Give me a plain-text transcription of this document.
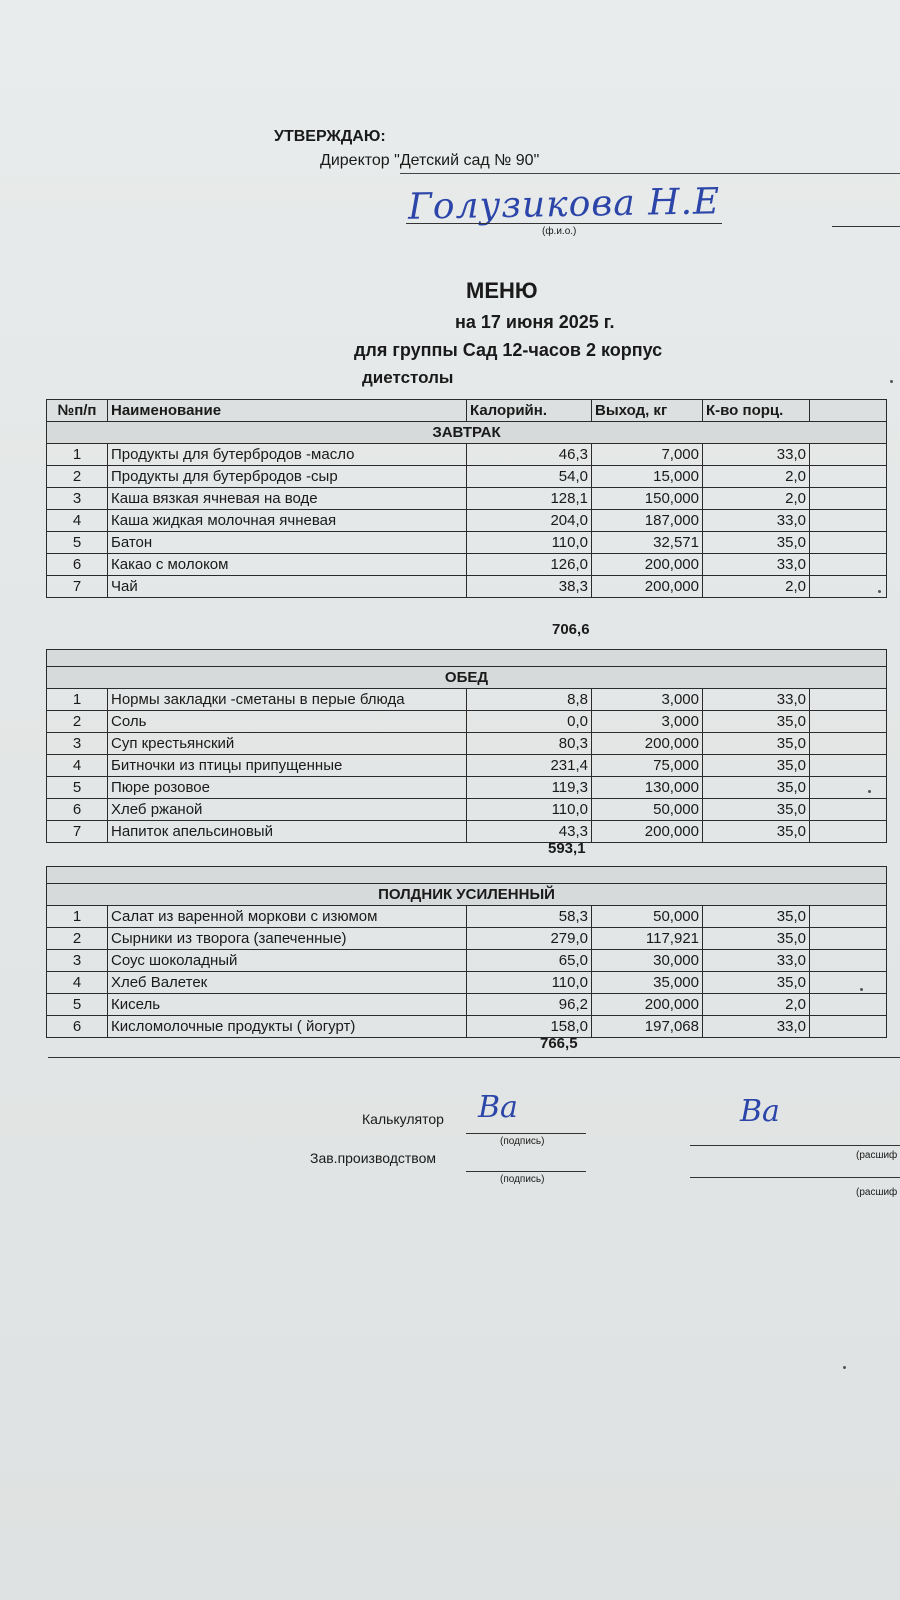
УТВЕРЖДАЮ:
Директор "Детский сад № 90"
Голузикова Н.Е
(ф.и.о.)
МЕНЮ
на 17 июня 2025 г.
для группы Сад 12-часов 2 корпус
диетстолы
№п/п	Наименование	Калорийн.	Выход, кг	К-во порц.	
ЗАВТРАК					
1	Продукты для бутербродов -масло	46,3	7,000	33,0	
2	Продукты для бутербродов -сыр	54,0	15,000	2,0	
3	Каша вязкая ячневая на воде	128,1	150,000	2,0	
4	Каша жидкая молочная ячневая	204,0	187,000	33,0	
5	Батон	110,0	32,571	35,0	
6	Какао с молоком	126,0	200,000	33,0	
7	Чай	38,3	200,000	2,0	
706,6

ОБЕД					
1	Нормы закладки -сметаны в перые блюда	8,8	3,000	33,0	
2	Соль	0,0	3,000	35,0	
3	Суп крестьянский	80,3	200,000	35,0	
4	Битночки из птицы припущенные	231,4	75,000	35,0	
5	Пюре розовое	119,3	130,000	35,0	
6	Хлеб ржаной	110,0	50,000	35,0	
7	Напиток апельсиновый	43,3	200,000	35,0	
593,1

ПОЛДНИК УСИЛЕННЫЙ					
1	Салат из варенной моркови с изюмом	58,3	50,000	35,0	
2	Сырники из творога (запеченные)	279,0	117,921	35,0	
3	Соус шоколадный	65,0	30,000	33,0	
4	Хлеб Валетек	110,0	35,000	35,0	
5	Кисель	96,2	200,000	2,0	
6	Кисломолочные продукты ( йогурт)	158,0	197,068	33,0	
766,5
Калькулятор Ва
(подпись)
Ва
(расшиф
Зав.производством
(подпись)
(расшиф
